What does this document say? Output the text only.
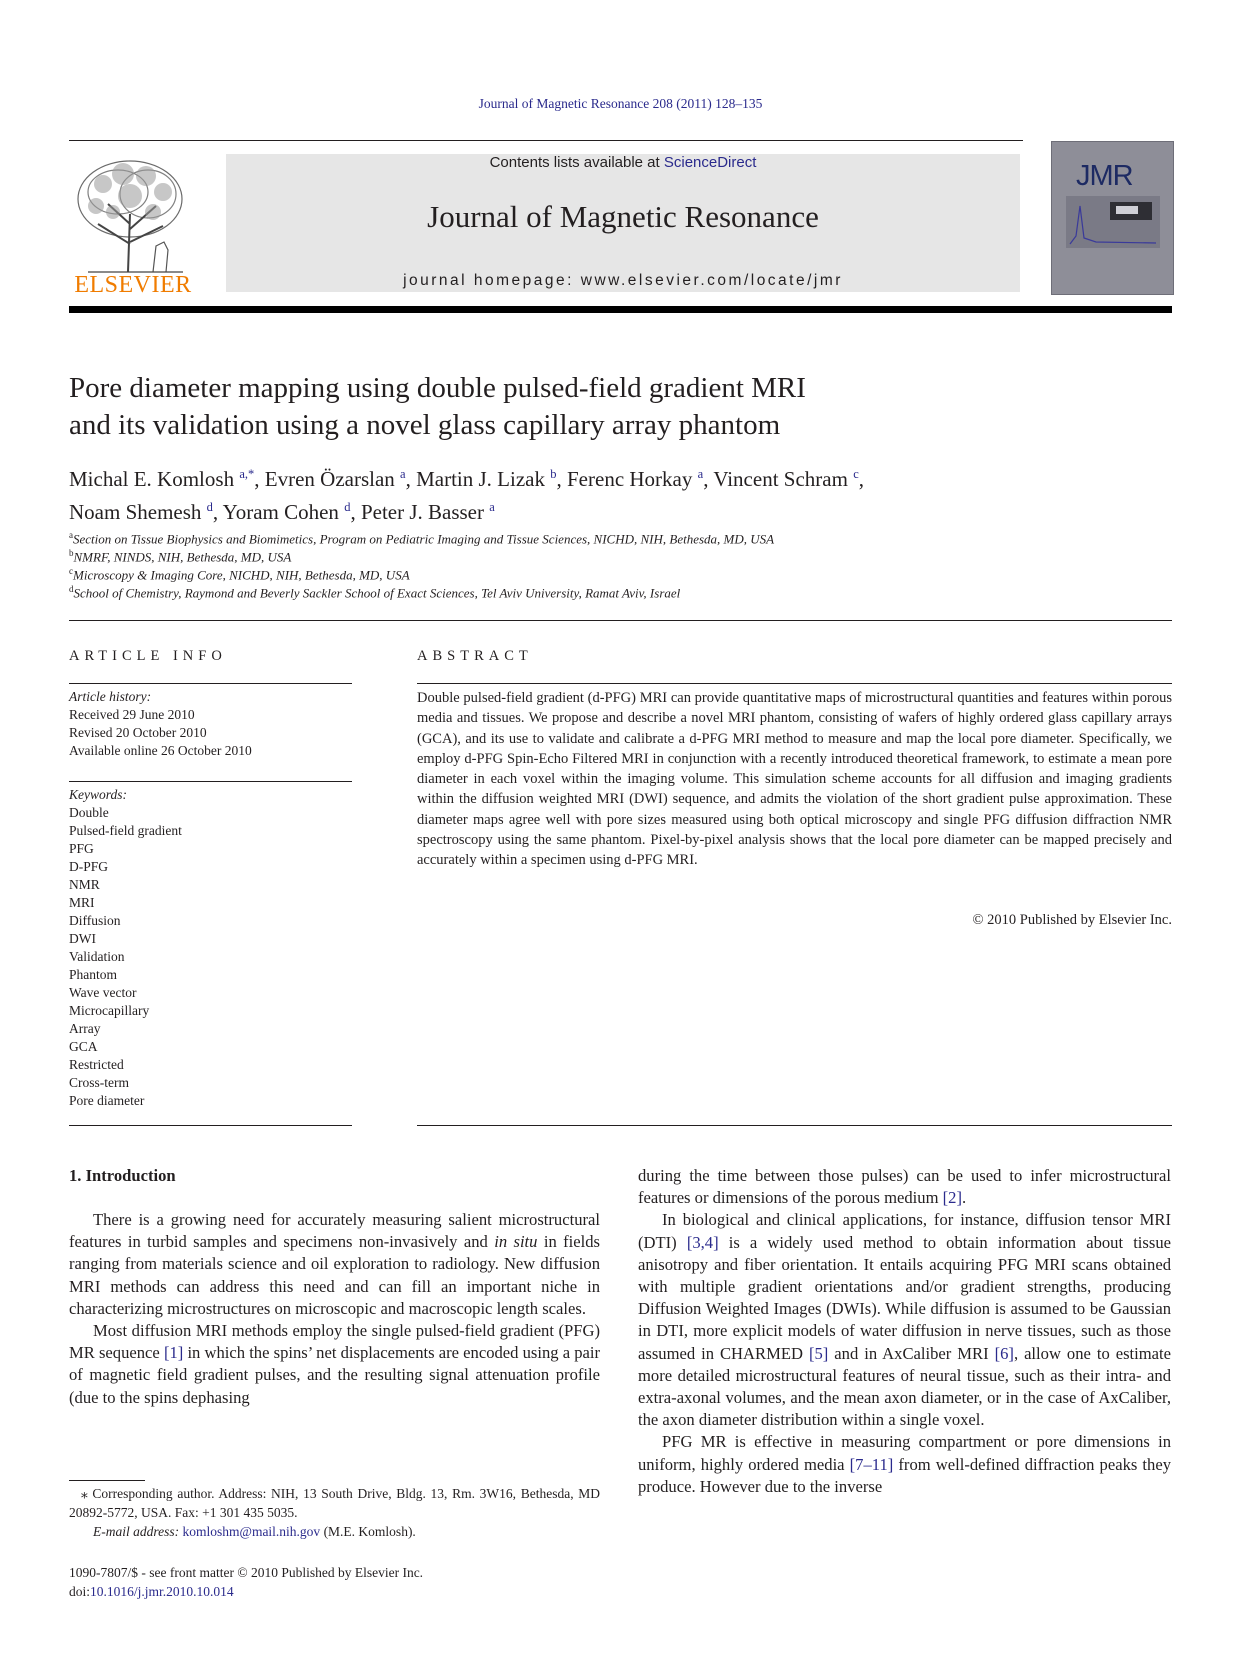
Journal of Magnetic Resonance 208 (2011) 128–135
ELSEVIER
Contents lists available at ScienceDirect
Journal of Magnetic Resonance
journal homepage: www.elsevier.com/locate/jmr
JMR
Pore diameter mapping using double pulsed-field gradient MRI
and its validation using a novel glass capillary array phantom
Michal E. Komlosh $^{a,*}$, Evren Özarslan $^a$, Martin J. Lizak $^b$, Ferenc Horkay $^a$, Vincent Schram $^c$,
Noam Shemesh $^d$, Yoram Cohen $^d$, Peter J. Basser $^a$
$^a$Section on Tissue Biophysics and Biomimetics, Program on Pediatric Imaging and Tissue Sciences, NICHD, NIH, Bethesda, MD, USA
$^b$NMRF, NINDS, NIH, Bethesda, MD, USA
$^c$Microscopy & Imaging Core, NICHD, NIH, Bethesda, MD, USA
$^d$School of Chemistry, Raymond and Beverly Sackler School of Exact Sciences, Tel Aviv University, Ramat Aviv, Israel
ARTICLE INFO
Article history:
Received 29 June 2010
Revised 20 October 2010
Available online 26 October 2010
Keywords:
Double
Pulsed-field gradient
PFG
D-PFG
NMR
MRI
Diffusion
DWI
Validation
Phantom
Wave vector
Microcapillary
Array
GCA
Restricted
Cross-term
Pore diameter
ABSTRACT
Double pulsed-field gradient (d-PFG) MRI can provide quantitative maps of microstructural quantities and features within porous media and tissues. We propose and describe a novel MRI phantom, consisting of wafers of highly ordered glass capillary arrays (GCA), and its use to validate and calibrate a d-PFG MRI method to measure and map the local pore diameter. Specifically, we employ d-PFG Spin-Echo Filtered MRI in conjunction with a recently introduced theoretical framework, to estimate a mean pore diameter in each voxel within the imaging volume. This simulation scheme accounts for all diffusion and imaging gradients within the diffusion weighted MRI (DWI) sequence, and admits the violation of the short gradient pulse approximation. These diameter maps agree well with pore sizes measured using both optical microscopy and single PFG diffusion diffraction NMR spectroscopy using the same phantom. Pixel-by-pixel analysis shows that the local pore diameter can be mapped precisely and accurately within a specimen using d-PFG MRI.
© 2010 Published by Elsevier Inc.
1. Introduction

There is a growing need for accurately measuring salient microstructural features in turbid samples and specimens non-invasively and in situ in fields ranging from materials science and oil exploration to radiology. New diffusion MRI methods can address this need and can fill an important niche in characterizing microstructures on microscopic and macroscopic length scales.

Most diffusion MRI methods employ the single pulsed-field gradient (PFG) MR sequence [1] in which the spins’ net displacements are encoded using a pair of magnetic field gradient pulses, and the resulting signal attenuation profile (due to the spins dephasing

during the time between those pulses) can be used to infer microstructural features or dimensions of the porous medium [2].

In biological and clinical applications, for instance, diffusion tensor MRI (DTI) [3,4] is a widely used method to obtain information about tissue anisotropy and fiber orientation. It entails acquiring PFG MRI scans obtained with multiple gradient orientations and/or gradient strengths, producing Diffusion Weighted Images (DWIs). While diffusion is assumed to be Gaussian in DTI, more explicit models of water diffusion in nerve tissues, such as those assumed in CHARMED [5] and in AxCaliber MRI [6], allow one to estimate more detailed microstructural features of neural tissue, such as their intra- and extra-axonal volumes, and the mean axon diameter, or in the case of AxCaliber, the axon diameter distribution within a single voxel.

PFG MR is effective in measuring compartment or pore dimensions in uniform, highly ordered media [7–11] from well-defined diffraction peaks they produce. However due to the inverse

⁎ Corresponding author. Address: NIH, 13 South Drive, Bldg. 13, Rm. 3W16, Bethesda, MD 20892-5772, USA. Fax: +1 301 435 5035.
E-mail address: komloshm@mail.nih.gov (M.E. Komlosh).
1090-7807/$ - see front matter © 2010 Published by Elsevier Inc.
doi:10.1016/j.jmr.2010.10.014
